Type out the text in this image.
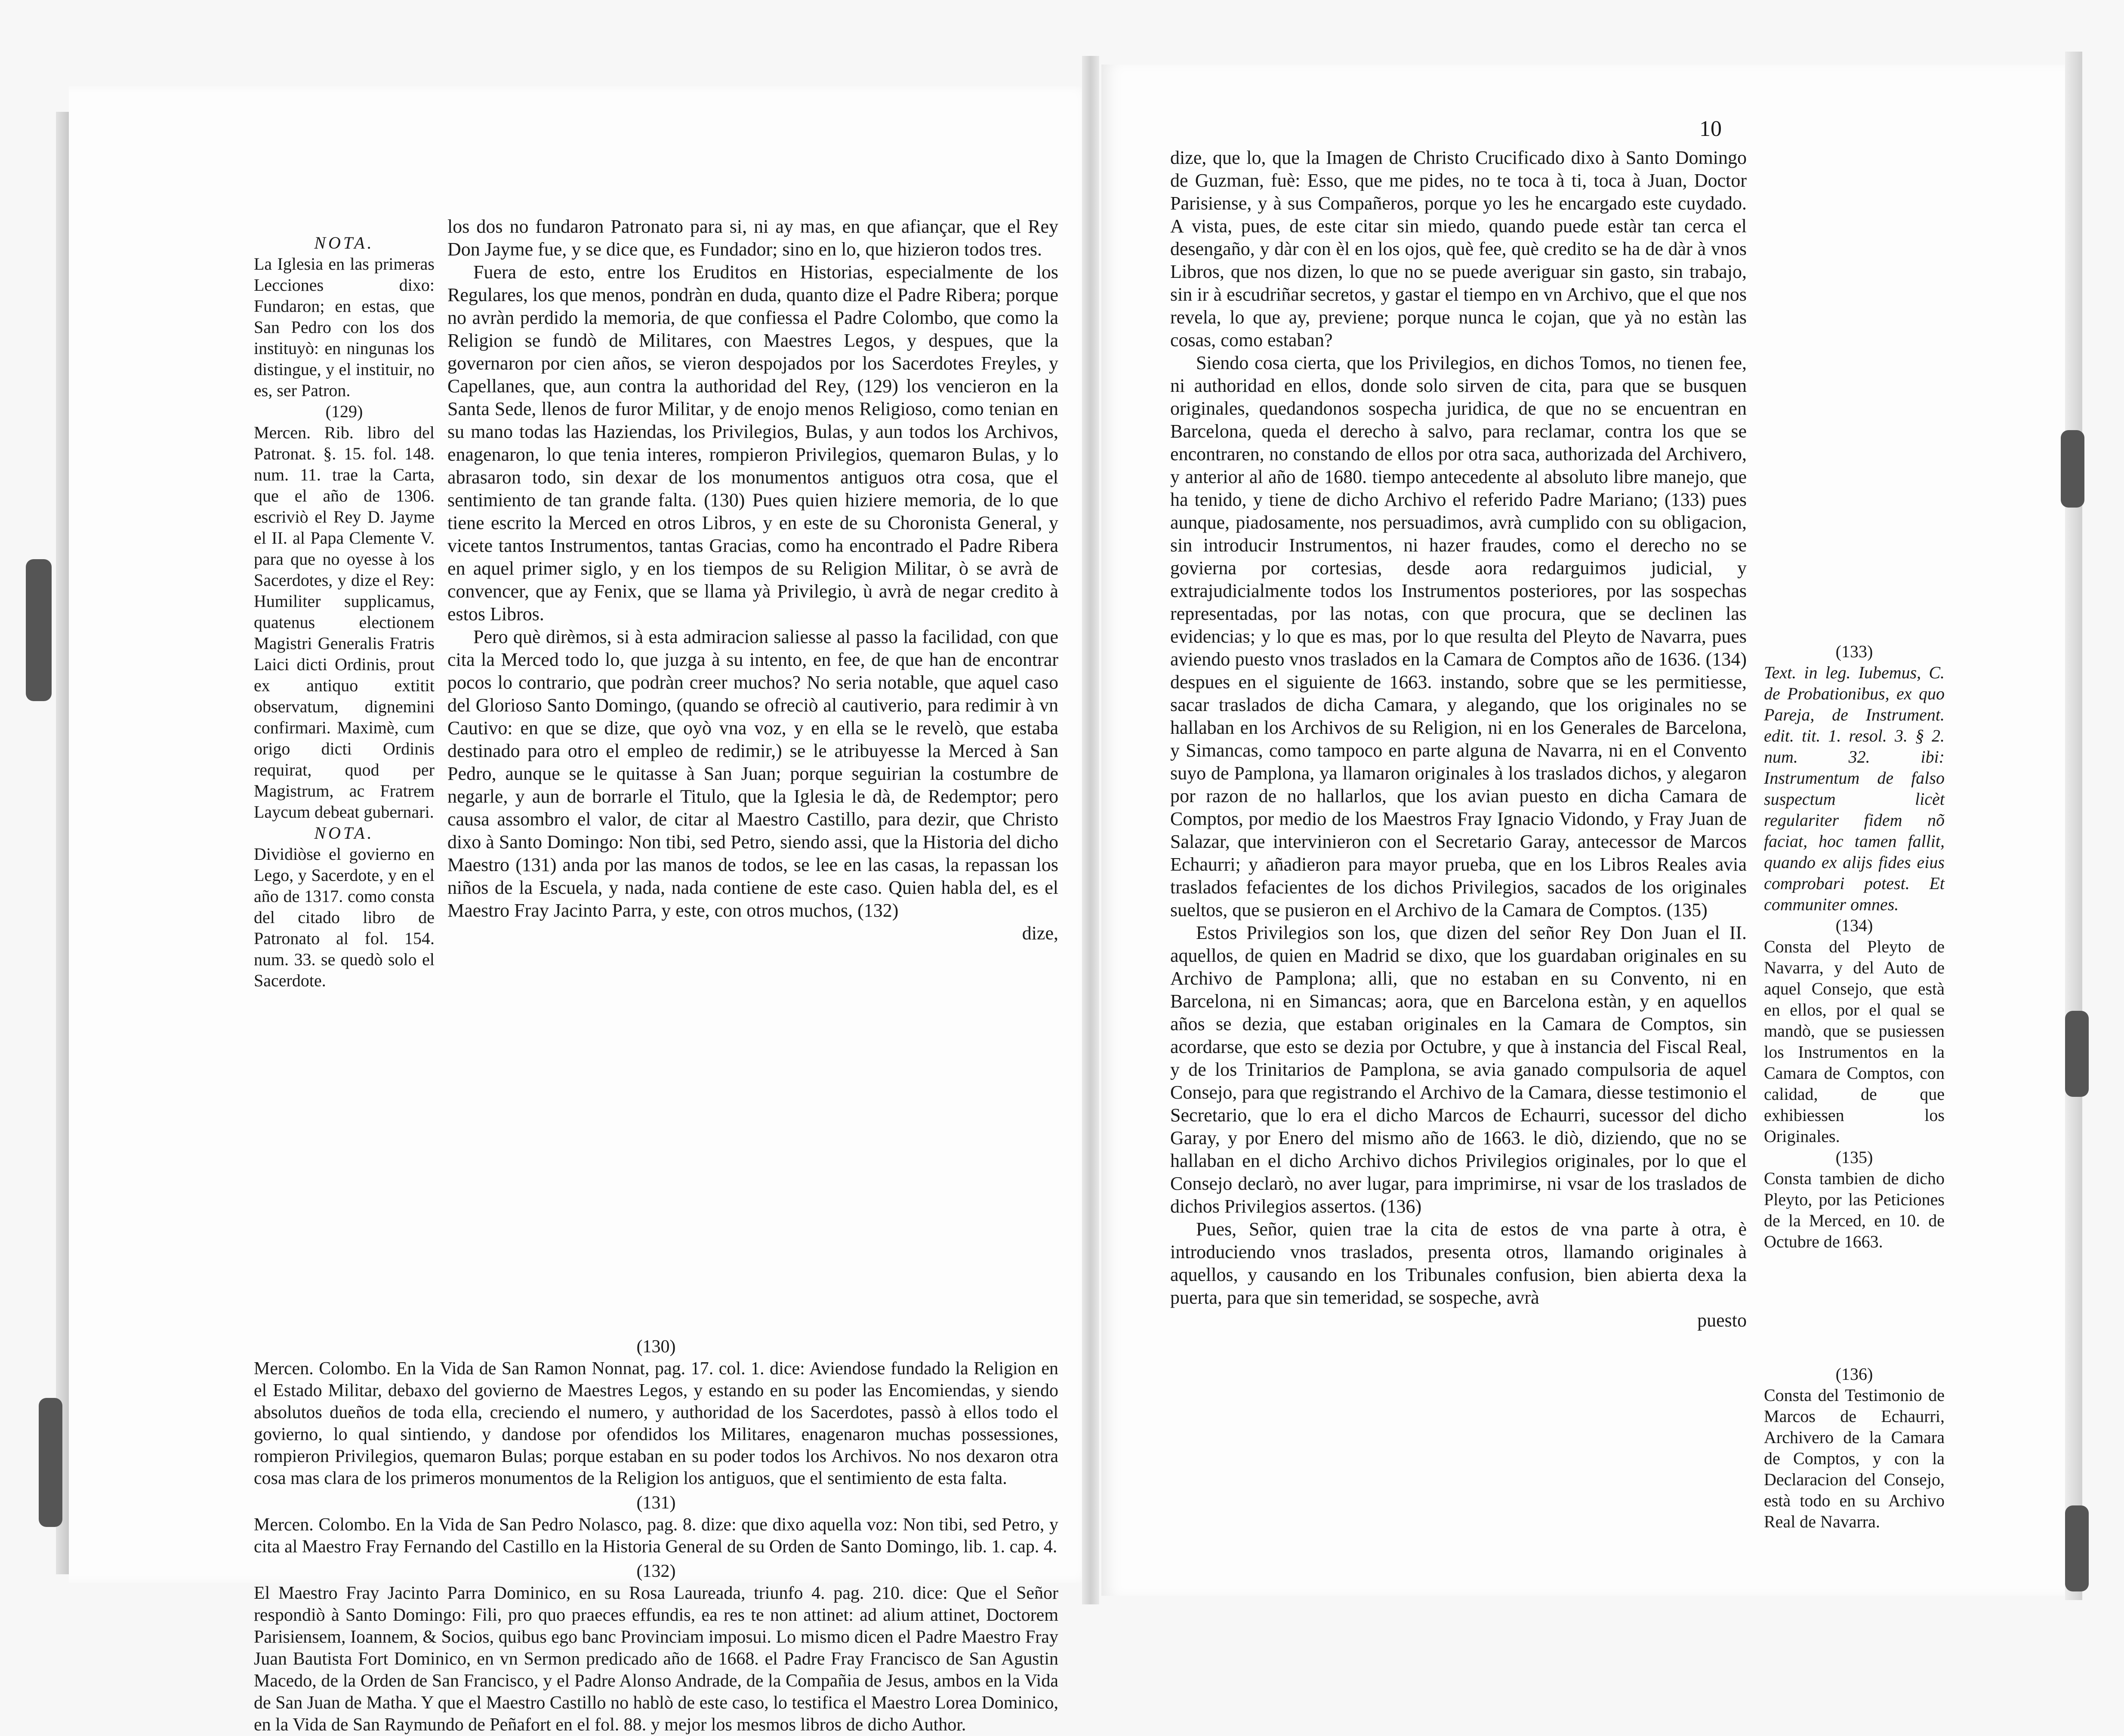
NOTA.

La Iglesia en las primeras Lecciones dixo: Fundaron; en estas, que San Pedro con los dos instituyò: en ningunas los distingue, y el instituir, no es, ser Patron.

(129)

Mercen. Rib. libro del Patronat. §. 15. fol. 148. num. 11. trae la Carta, que el año de 1306. escriviò el Rey D. Jayme el II. al Papa Clemente V. para que no oyesse à los Sacerdotes, y dize el Rey: Humiliter supplicamus, quatenus electionem Magistri Generalis Fratris Laici dicti Ordinis, prout ex antiquo extitit observatum, dignemini confirmari. Maximè, cum origo dicti Ordinis requirat, quod per Magistrum, ac Fratrem Laycum debeat gubernari.

NOTA.

Dividiòse el govierno en Lego, y Sacerdote, y en el año de 1317. como consta del citado libro de Patronato al fol. 154. num. 33. se quedò solo el Sacerdote.

los dos no fundaron Patronato para si, ni ay mas, en que afiançar, que el Rey Don Jayme fue, y se dice que, es Fundador; sino en lo, que hizieron todos tres.

Fuera de esto, entre los Eruditos en Historias, especialmente de los Regulares, los que menos, pondràn en duda, quanto dize el Padre Ribera; porque no avràn perdido la memoria, de que confiessa el Padre Colombo, que como la Religion se fundò de Militares, con Maestres Legos, y despues, que la governaron por cien años, se vieron despojados por los Sacerdotes Freyles, y Capellanes, que, aun contra la authoridad del Rey, (129) los vencieron en la Santa Sede, llenos de furor Militar, y de enojo menos Religioso, como tenian en su mano todas las Haziendas, los Privilegios, Bulas, y aun todos los Archivos, enagenaron, lo que tenia interes, rompieron Privilegios, quemaron Bulas, y lo abrasaron todo, sin dexar de los monumentos antiguos otra cosa, que el sentimiento de tan grande falta. (130) Pues quien hiziere memoria, de lo que tiene escrito la Merced en otros Libros, y en este de su Choronista General, y vicete tantos Instrumentos, tantas Gracias, como ha encontrado el Padre Ribera en aquel primer siglo, y en los tiempos de su Religion Militar, ò se avrà de convencer, que ay Fenix, que se llama yà Privilegio, ù avrà de negar credito à estos Libros.

Pero què dirèmos, si à esta admiracion saliesse al passo la facilidad, con que cita la Merced todo lo, que juzga à su intento, en fee, de que han de encontrar pocos lo contrario, que podràn creer muchos? No seria notable, que aquel caso del Glorioso Santo Domingo, (quando se ofreciò al cautiverio, para redimir à vn Cautivo: en que se dize, que oyò vna voz, y en ella se le revelò, que estaba destinado para otro el empleo de redimir,) se le atribuyesse la Merced à San Pedro, aunque se le quitasse à San Juan; porque seguirian la costumbre de negarle, y aun de borrarle el Titulo, que la Iglesia le dà, de Redemptor; pero causa assombro el valor, de citar al Maestro Castillo, para dezir, que Christo dixo à Santo Domingo: Non tibi, sed Petro, siendo assi, que la Historia del dicho Maestro (131) anda por las manos de todos, se lee en las casas, la repassan los niños de la Escuela, y nada, nada contiene de este caso. Quien habla del, es el Maestro Fray Jacinto Parra, y este, con otros muchos, (132)

dize,

(130)

Mercen. Colombo. En la Vida de San Ramon Nonnat, pag. 17. col. 1. dice: Aviendose fundado la Religion en el Estado Militar, debaxo del govierno de Maestres Legos, y estando en su poder las Encomiendas, y siendo absolutos dueños de toda ella, creciendo el numero, y authoridad de los Sacerdotes, passò à ellos todo el govierno, lo qual sintiendo, y dandose por ofendidos los Militares, enagenaron muchas possessiones, rompieron Privilegios, quemaron Bulas; porque estaban en su poder todos los Archivos. No nos dexaron otra cosa mas clara de los primeros monumentos de la Religion los antiguos, que el sentimiento de esta falta.

(131)

Mercen. Colombo. En la Vida de San Pedro Nolasco, pag. 8. dize: que dixo aquella voz: Non tibi, sed Petro, y cita al Maestro Fray Fernando del Castillo en la Historia General de su Orden de Santo Domingo, lib. 1. cap. 4.

(132)

El Maestro Fray Jacinto Parra Dominico, en su Rosa Laureada, triunfo 4. pag. 210. dice: Que el Señor respondiò à Santo Domingo: Fili, pro quo praeces effundis, ea res te non attinet: ad alium attinet, Doctorem Parisiensem, Ioannem, & Socios, quibus ego banc Provinciam imposui. Lo mismo dicen el Padre Maestro Fray Juan Bautista Fort Dominico, en vn Sermon predicado año de 1668. el Padre Fray Francisco de San Agustin Macedo, de la Orden de San Francisco, y el Padre Alonso Andrade, de la Compañia de Jesus, ambos en la Vida de San Juan de Matha. Y que el Maestro Castillo no hablò de este caso, lo testifica el Maestro Lorea Dominico, en la Vida de San Raymundo de Peñafort en el fol. 88. y mejor los mesmos libros de dicho Author.

10

dize, que lo, que la Imagen de Christo Crucificado dixo à Santo Domingo de Guzman, fuè: Esso, que me pides, no te toca à ti, toca à Juan, Doctor Parisiense, y à sus Compañeros, porque yo les he encargado este cuydado. A vista, pues, de este citar sin miedo, quando puede estàr tan cerca el desengaño, y dàr con èl en los ojos, què fee, què credito se ha de dàr à vnos Libros, que nos dizen, lo que no se puede averiguar sin gasto, sin trabajo, sin ir à escudriñar secretos, y gastar el tiempo en vn Archivo, que el que nos revela, lo que ay, previene; porque nunca le cojan, que yà no estàn las cosas, como estaban?

Siendo cosa cierta, que los Privilegios, en dichos Tomos, no tienen fee, ni authoridad en ellos, donde solo sirven de cita, para que se busquen originales, quedandonos sospecha juridica, de que no se encuentran en Barcelona, queda el derecho à salvo, para reclamar, contra los que se encontraren, no constando de ellos por otra saca, authorizada del Archivero, y anterior al año de 1680. tiempo antecedente al absoluto libre manejo, que ha tenido, y tiene de dicho Archivo el referido Padre Mariano; (133) pues aunque, piadosamente, nos persuadimos, avrà cumplido con su obligacion, sin introducir Instrumentos, ni hazer fraudes, como el derecho no se govierna por cortesias, desde aora redarguimos judicial, y extrajudicialmente todos los Instrumentos posteriores, por las sospechas representadas, por las notas, con que procura, que se declinen las evidencias; y lo que es mas, por lo que resulta del Pleyto de Navarra, pues aviendo puesto vnos traslados en la Camara de Comptos año de 1636. (134) despues en el siguiente de 1663. instando, sobre que se les permitiesse, sacar traslados de dicha Camara, y alegando, que los originales no se hallaban en los Archivos de su Religion, ni en los Generales de Barcelona, y Simancas, como tampoco en parte alguna de Navarra, ni en el Convento suyo de Pamplona, ya llamaron originales à los traslados dichos, y alegaron por razon de no hallarlos, que los avian puesto en dicha Camara de Comptos, por medio de los Maestros Fray Ignacio Vidondo, y Fray Juan de Salazar, que intervinieron con el Secretario Garay, antecessor de Marcos Echaurri; y añadieron para mayor prueba, que en los Libros Reales avia traslados fefacientes de los dichos Privilegios, sacados de los originales sueltos, que se pusieron en el Archivo de la Camara de Comptos. (135)

Estos Privilegios son los, que dizen del señor Rey Don Juan el II. aquellos, de quien en Madrid se dixo, que los guardaban originales en su Archivo de Pamplona; alli, que no estaban en su Convento, ni en Barcelona, ni en Simancas; aora, que en Barcelona estàn, y en aquellos años se dezia, que estaban originales en la Camara de Comptos, sin acordarse, que esto se dezia por Octubre, y que à instancia del Fiscal Real, y de los Trinitarios de Pamplona, se avia ganado compulsoria de aquel Consejo, para que registrando el Archivo de la Camara, diesse testimonio el Secretario, que lo era el dicho Marcos de Echaurri, sucessor del dicho Garay, y por Enero del mismo año de 1663. le diò, diziendo, que no se hallaban en el dicho Archivo dichos Privilegios originales, por lo que el Consejo declarò, no aver lugar, para imprimirse, ni vsar de los traslados de dichos Privilegios assertos. (136)

Pues, Señor, quien trae la cita de estos de vna parte à otra, è introduciendo vnos traslados, presenta otros, llamando originales à aquellos, y causando en los Tribunales confusion, bien abierta dexa la puerta, para que sin temeridad, se sospeche, avrà

puesto

(133)

Text. in leg. Iubemus, C. de Probationibus, ex quo Pareja, de Instrument. edit. tit. 1. resol. 3. § 2. num. 32. ibi: Instrumentum de falso suspectum licèt regulariter fidem nõ faciat, hoc tamen fallit, quando ex alijs fides eius comprobari potest. Et communiter omnes.

(134)

Consta del Pleyto de Navarra, y del Auto de aquel Consejo, que està en ellos, por el qual se mandò, que se pusiessen los Instrumentos en la Camara de Comptos, con calidad, de que exhibiessen los Originales.

(135)

Consta tambien de dicho Pleyto, por las Peticiones de la Merced, en 10. de Octubre de 1663.

(136)

Consta del Testimonio de Marcos de Echaurri, Archivero de la Camara de Comptos, y con la Declaracion del Consejo, està todo en su Archivo Real de Navarra.
